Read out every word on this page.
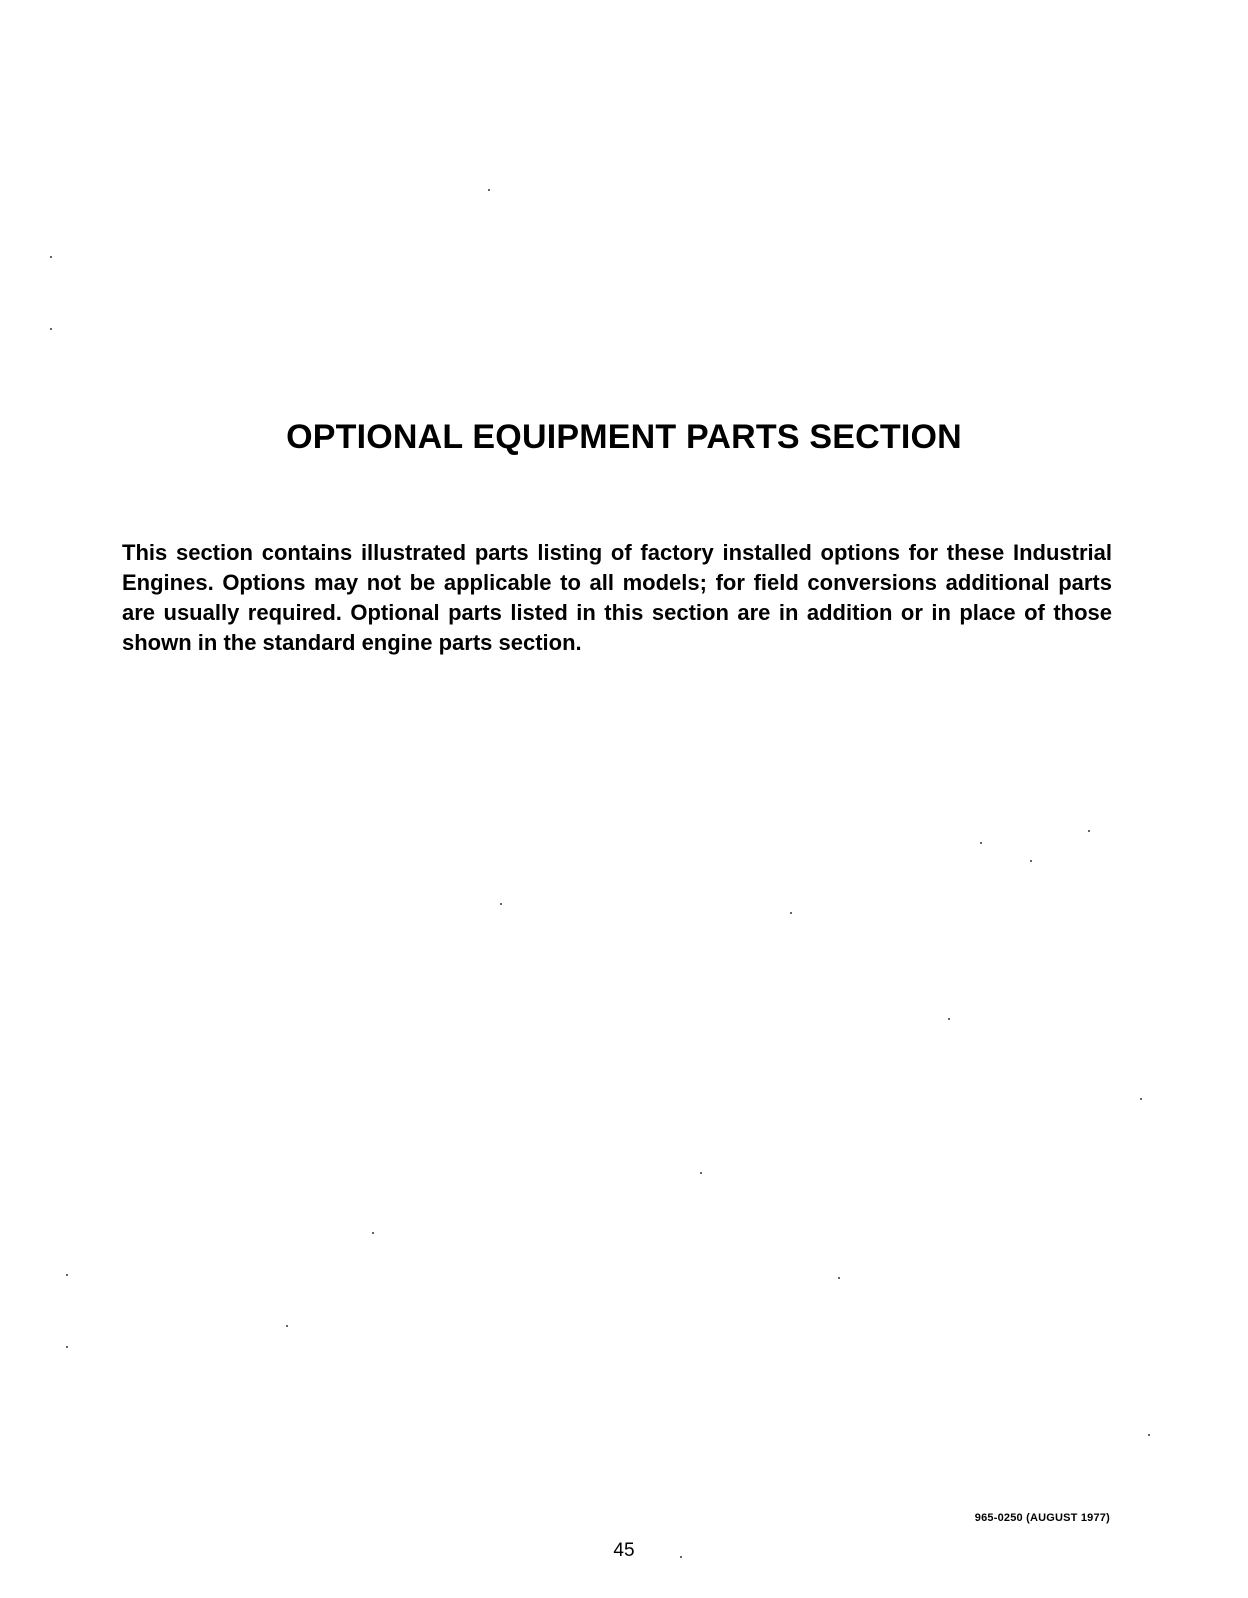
OPTIONAL EQUIPMENT PARTS SECTION

This section contains illustrated parts listing of factory installed options for these Industrial Engines. Options may not be applicable to all models; for field conversions additional parts are usually required. Optional parts listed in this section are in addition or in place of those shown in the standard engine parts section.

965-0250 (AUGUST 1977)

45
